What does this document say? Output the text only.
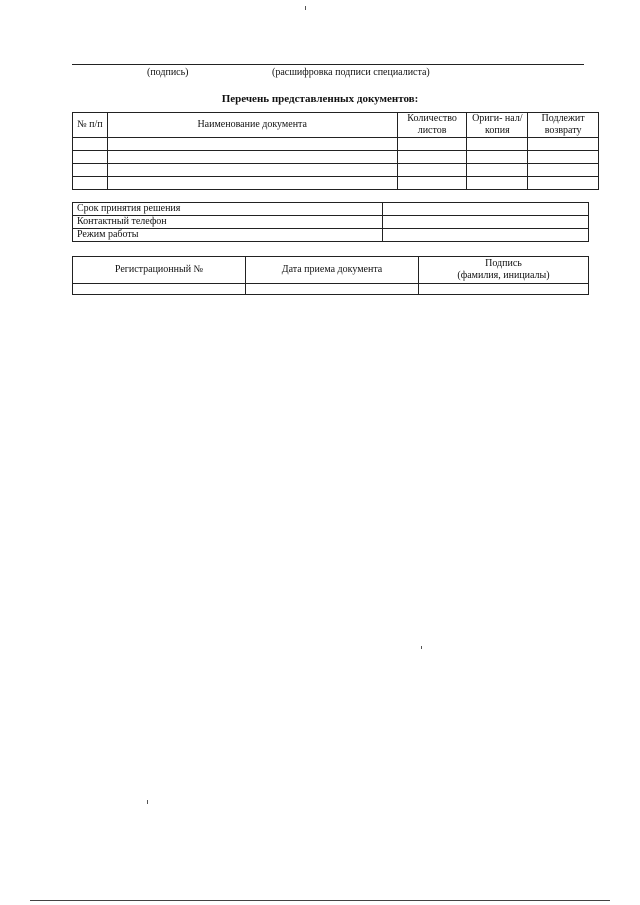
(подпись)	(расшифровка подписи специалиста)
Перечень представленных документов:
№ п/п	Наименование документа	Количество листов	Ориги- нал/копия	Подлежит возврату

Срок принятия решения	
Контактный телефон	
Режим работы	
Регистрационный №	Дата приема документа	Подпись
(фамилия, инициалы)
